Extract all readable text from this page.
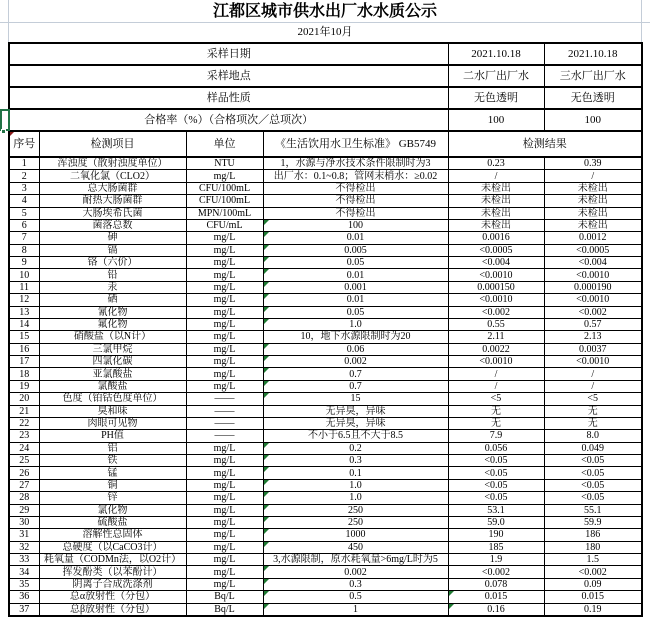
江都区城市供水出厂水水质公示
2021年10月
采样日期				2021.10.18	2021.10.18
采样地点				二水厂出厂水	三水厂出厂水
样品性质				无色透明	无色透明
合格率（%）（合格项次／总项次）				100	100
序号	检测项目	单位	《生活饮用水卫生标准》 GB5749	检测结果	
1	浑浊度（散射浊度单位）	NTU	1，水源与净水技术条件限制时为3	0.23	0.39
2	二氧化氯（CLO2）	mg/L	出厂水：0.1~0.8；管网末梢水：≥0.02	/	/
3	总大肠菌群	CFU/100mL	不得检出	未检出	未检出
4	耐热大肠菌群	CFU/100mL	不得检出	未检出	未检出
5	大肠埃希氏菌	MPN/100mL	不得检出	未检出	未检出
6	菌落总数	CFU/mL	100	未检出	未检出
7	砷	mg/L	0.01	0.0016	0.0012
8	镉	mg/L	0.005	<0.0005	<0.0005
9	铬（六价）	mg/L	0.05	<0.004	<0.004
10	铅	mg/L	0.01	<0.0010	<0.0010
11	汞	mg/L	0.001	0.000150	0.000190
12	硒	mg/L	0.01	<0.0010	<0.0010
13	氰化物	mg/L	0.05	<0.002	<0.002
14	氟化物	mg/L	1.0	0.55	0.57
15	硝酸盐（以N计）	mg/L	10，地下水源限制时为20	2.11	2.13
16	三氯甲烷	mg/L	0.06	0.0022	0.0037
17	四氯化碳	mg/L	0.002	<0.0010	<0.0010
18	亚氯酸盐	mg/L	0.7	/	/
19	氯酸盐	mg/L	0.7	/	/
20	色度（铂钴色度单位）	——	15	<5	<5
21	臭和味	——	无异臭，异味	无	无
22	肉眼可见物	——	无异臭，异味	无	无
23	PH值	——	不小于6.5且不大于8.5	7.9	8.0
24	铝	mg/L	0.2	0.056	0.049
25	铁	mg/L	0.3	<0.05	<0.05
26	锰	mg/L	0.1	<0.05	<0.05
27	铜	mg/L	1.0	<0.05	<0.05
28	锌	mg/L	1.0	<0.05	<0.05
29	氯化物	mg/L	250	53.1	55.1
30	硫酸盐	mg/L	250	59.0	59.9
31	溶解性总固体	mg/L	1000	190	186
32	总硬度（以CaCO3计）	mg/L	450	185	180
33	耗氧量（CODMn法，以O2计）	mg/L	3,水源限制，原水耗氧量>6mg/L时为5	1.9	1.5
34	挥发酚类（以苯酚计）	mg/L	0.002	<0.002	<0.002
35	阴离子合成洗涤剂	mg/L	0.3	0.078	0.09
36	总α放射性（分包）	Bq/L	0.5	0.015	0.015
37	总β放射性（分包）	Bq/L	1	0.16	0.19
